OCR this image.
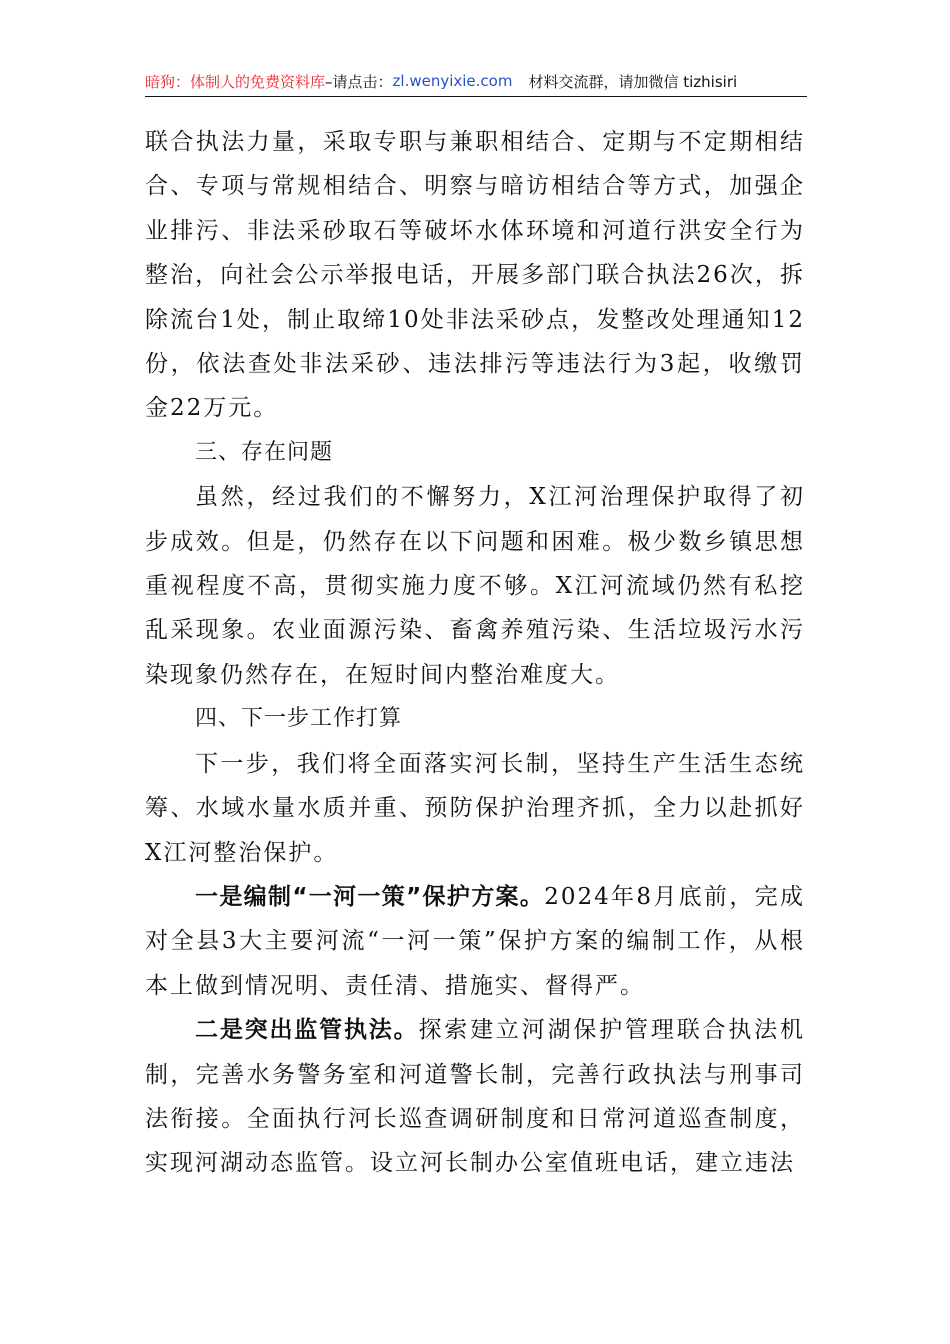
暗狗：体制人的免费资料库 –请点击： zl.wenyixie.com 材料交流群，请加微信 tizhisiri

联合执法力量，采取专职与兼职相结合、定期与不定期相结合、专项与常规相结合、明察与暗访相结合等方式，加强企业排污、非法采砂取石等破坏水体环境和河道行洪安全行为整治，向社会公示举报电话，开展多部门联合执法26次，拆除流台1处，制止取缔10处非法采砂点，发整改处理通知12份，依法查处非法采砂、违法排污等违法行为3起，收缴罚金22万元。

三、存在问题

虽然，经过我们的不懈努力，X江河治理保护取得了初步成效。但是，仍然存在以下问题和困难。极少数乡镇思想重视程度不高，贯彻实施力度不够。X江河流域仍然有私挖乱采现象。农业面源污染、畜禽养殖污染、生活垃圾污水污染现象仍然存在，在短时间内整治难度大。

四、下一步工作打算

下一步，我们将全面落实河长制，坚持生产生活生态统筹、水域水量水质并重、预防保护治理齐抓，全力以赴抓好X江河整治保护。

一是编制“一河一策”保护方案。2024年8月底前，完成对全县3大主要河流“一河一策”保护方案的编制工作，从根本上做到情况明、责任清、措施实、督得严。

二是突出监管执法。探索建立河湖保护管理联合执法机制，完善水务警务室和河道警长制，完善行政执法与刑事司法衔接。全面执行河长巡查调研制度和日常河道巡查制度，实现河湖动态监管。设立河长制办公室值班电话，建立违法
